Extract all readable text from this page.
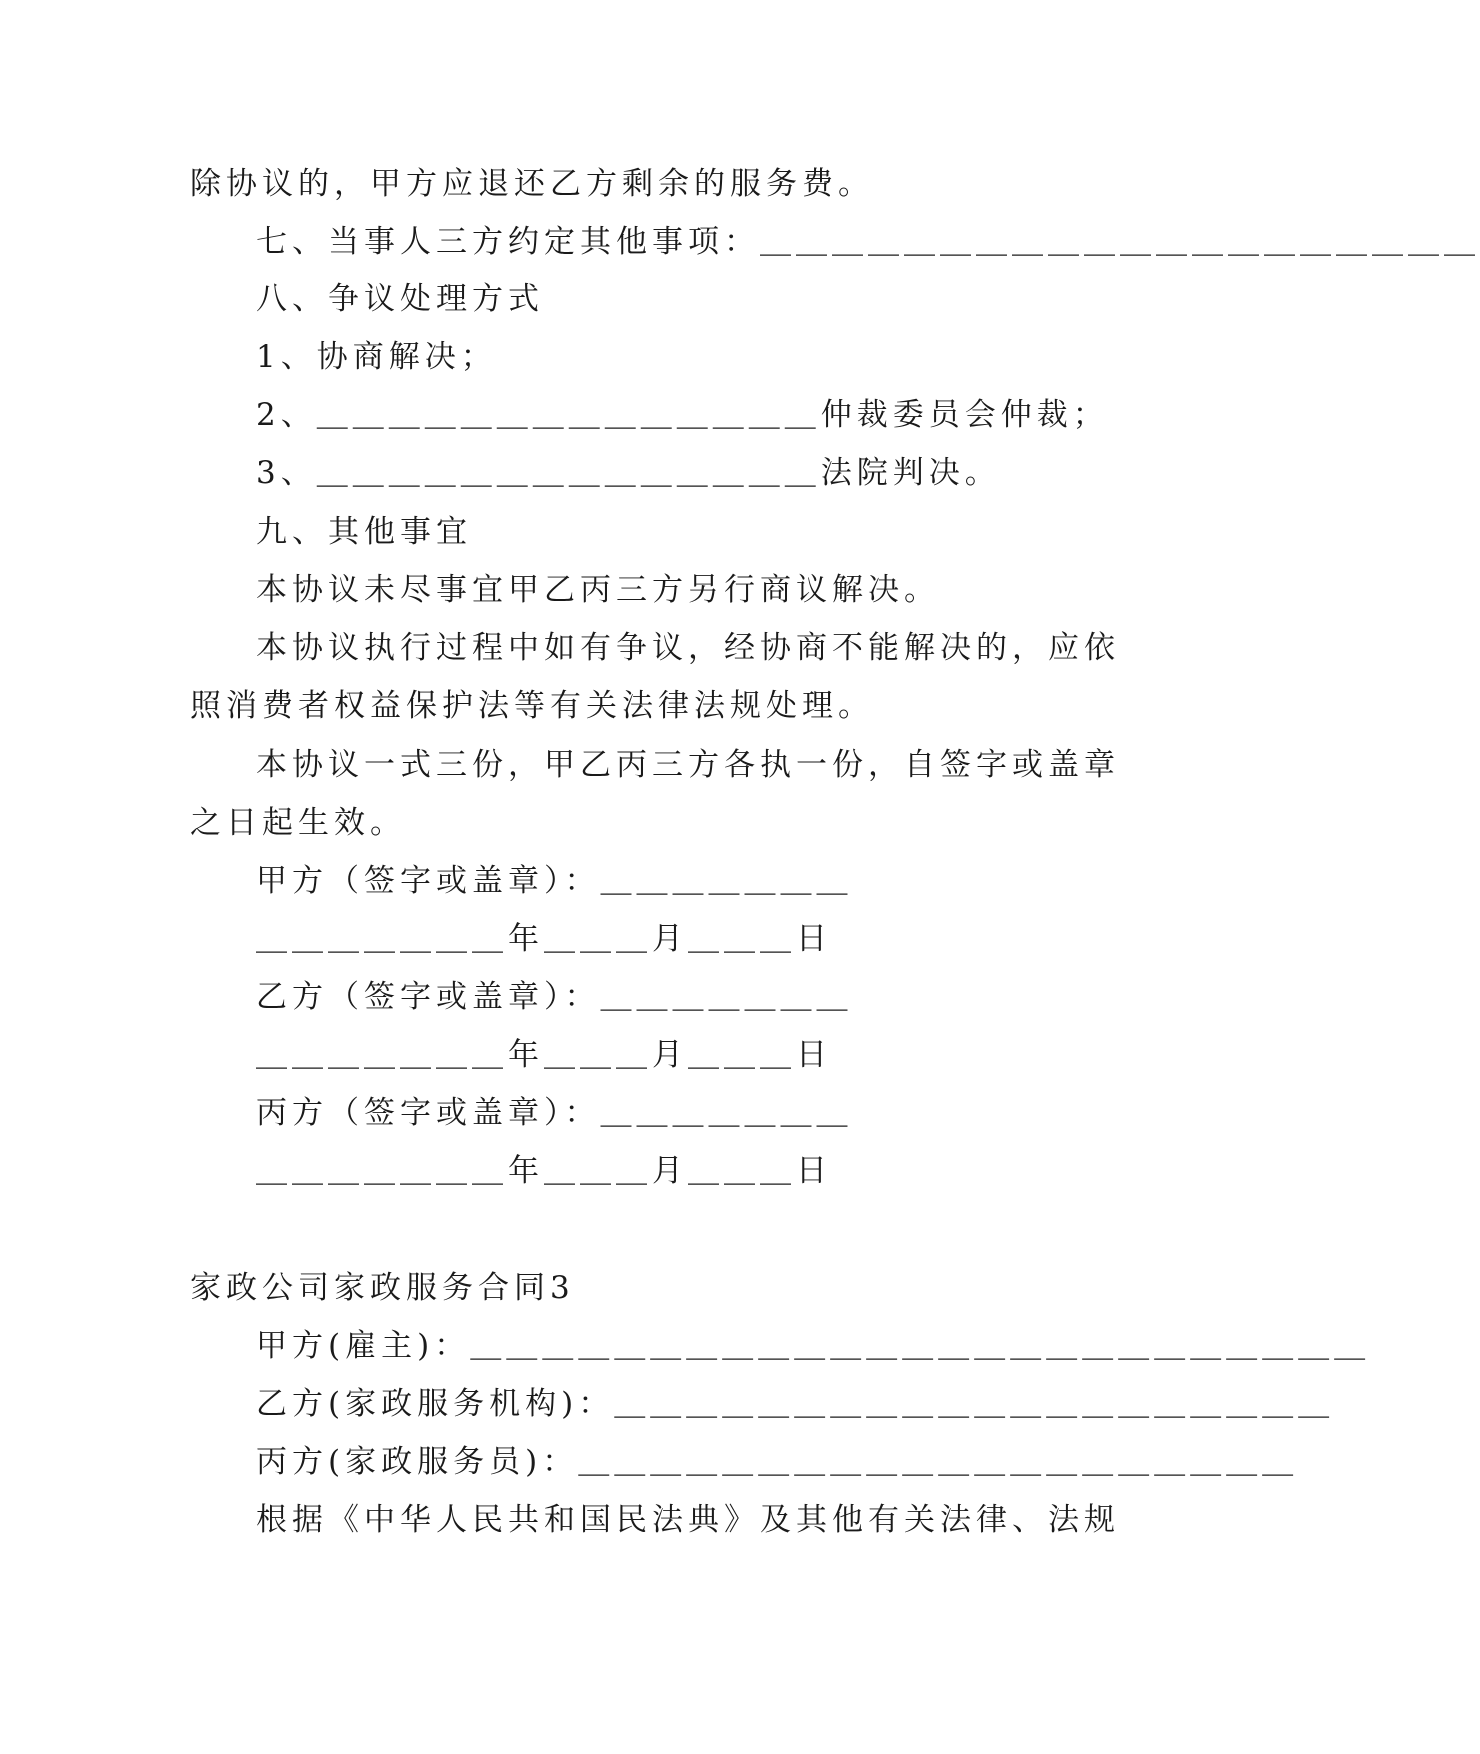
除协议的，甲方应退还乙方剩余的服务费。
七、当事人三方约定其他事项：＿＿＿＿＿＿＿＿＿＿＿＿＿＿＿＿＿＿＿＿
八、争议处理方式
1、协商解决；
2、＿＿＿＿＿＿＿＿＿＿＿＿＿＿仲裁委员会仲裁；
3、＿＿＿＿＿＿＿＿＿＿＿＿＿＿法院判决。
九、其他事宜
本协议未尽事宜甲乙丙三方另行商议解决。
本协议执行过程中如有争议，经协商不能解决的，应依
照消费者权益保护法等有关法律法规处理。
本协议一式三份，甲乙丙三方各执一份，自签字或盖章
之日起生效。
甲方（签字或盖章）：＿＿＿＿＿＿＿
＿＿＿＿＿＿＿年＿＿＿月＿＿＿日
乙方（签字或盖章）：＿＿＿＿＿＿＿
＿＿＿＿＿＿＿年＿＿＿月＿＿＿日
丙方（签字或盖章）：＿＿＿＿＿＿＿
＿＿＿＿＿＿＿年＿＿＿月＿＿＿日
家政公司家政服务合同3
甲方(雇主)：＿＿＿＿＿＿＿＿＿＿＿＿＿＿＿＿＿＿＿＿＿＿＿＿＿
乙方(家政服务机构)：＿＿＿＿＿＿＿＿＿＿＿＿＿＿＿＿＿＿＿＿
丙方(家政服务员)：＿＿＿＿＿＿＿＿＿＿＿＿＿＿＿＿＿＿＿＿
根据《中华人民共和国民法典》及其他有关法律、法规
